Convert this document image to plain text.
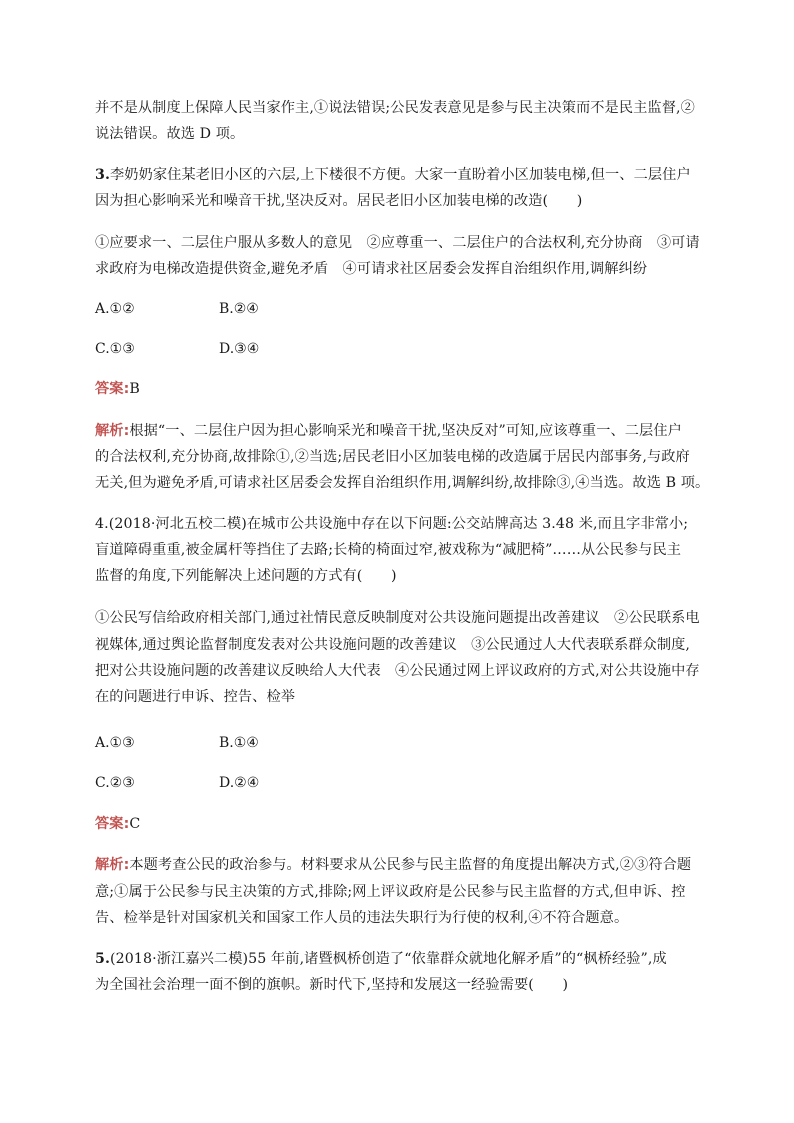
并不是从制度上保障人民当家作主,①说法错误;公民发表意见是参与民主决策而不是民主监督,②
说法错误。故选 D 项。
3.李奶奶家住某老旧小区的六层,上下楼很不方便。大家一直盼着小区加装电梯,但一、二层住户
因为担心影响采光和噪音干扰,坚决反对。居民老旧小区加装电梯的改造(　　)
①应要求一、二层住户服从多数人的意见　②应尊重一、二层住户的合法权利,充分协商　③可请
求政府为电梯改造提供资金,避免矛盾　④可请求社区居委会发挥自治组织作用,调解纠纷
A.①②	B.②④
C.①③	D.③④
答案:B
解析:根据“一、二层住户因为担心影响采光和噪音干扰,坚决反对”可知,应该尊重一、二层住户
的合法权利,充分协商,故排除①,②当选;居民老旧小区加装电梯的改造属于居民内部事务,与政府
无关,但为避免矛盾,可请求社区居委会发挥自治组织作用,调解纠纷,故排除③,④当选。故选 B 项。
4.(2018·河北五校二模)在城市公共设施中存在以下问题:公交站牌高达 3.48 米,而且字非常小;
盲道障碍重重,被金属杆等挡住了去路;长椅的椅面过窄,被戏称为“减肥椅”……从公民参与民主
监督的角度,下列能解决上述问题的方式有(　　)
①公民写信给政府相关部门,通过社情民意反映制度对公共设施问题提出改善建议　②公民联系电
视媒体,通过舆论监督制度发表对公共设施问题的改善建议　③公民通过人大代表联系群众制度,
把对公共设施问题的改善建议反映给人大代表　④公民通过网上评议政府的方式,对公共设施中存
在的问题进行申诉、控告、检举
A.①③	B.①④
C.②③	D.②④
答案:C
解析:本题考查公民的政治参与。材料要求从公民参与民主监督的角度提出解决方式,②③符合题
意;①属于公民参与民主决策的方式,排除;网上评议政府是公民参与民主监督的方式,但申诉、控
告、检举是针对国家机关和国家工作人员的违法失职行为行使的权利,④不符合题意。
5.(2018·浙江嘉兴二模)55 年前,诸暨枫桥创造了“依靠群众就地化解矛盾”的“枫桥经验”,成
为全国社会治理一面不倒的旗帜。新时代下,坚持和发展这一经验需要(　　)
